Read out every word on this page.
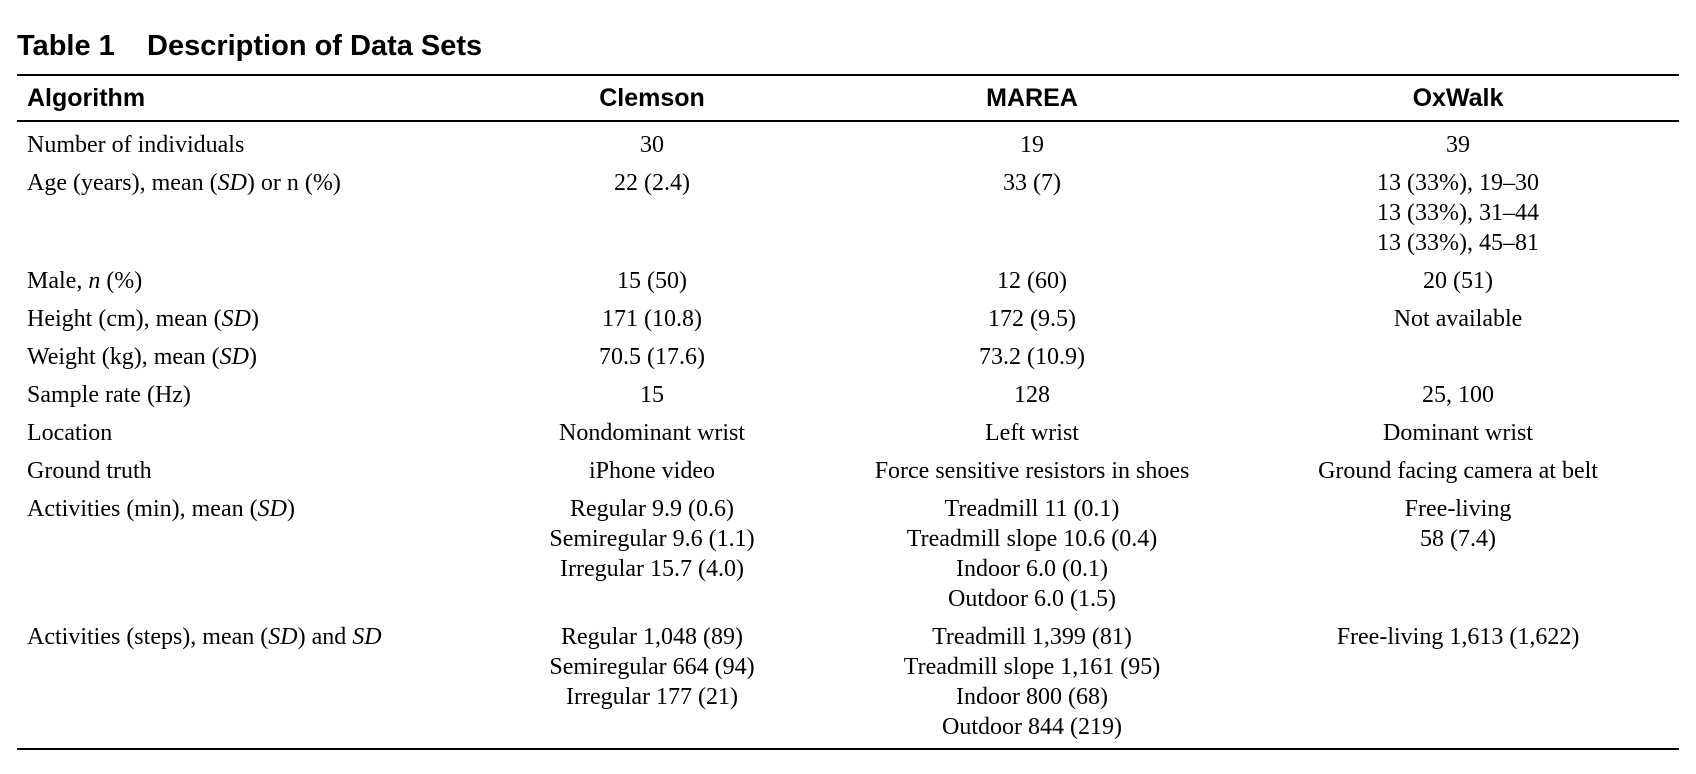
Table 1    Description of Data Sets
Algorithm	Clemson	MAREA	OxWalk
Number of individuals	30	19	39

Age (years), mean (SD) or n (%)	22 (2.4)	33 (7)	13 (33%), 19–30
13 (33%), 31–44
13 (33%), 45–81

Male, n (%)	15 (50)	12 (60)	20 (51)

Height (cm), mean (SD)	171 (10.8)	172 (9.5)	Not available

Weight (kg), mean (SD)	70.5 (17.6)	73.2 (10.9)	

Sample rate (Hz)	15	128	25, 100

Location	Nondominant wrist	Left wrist	Dominant wrist

Ground truth	iPhone video	Force sensitive resistors in shoes	Ground facing camera at belt

Activities (min), mean (SD)	Regular 9.9 (0.6)
Semiregular 9.6 (1.1)
Irregular 15.7 (4.0)	Treadmill 11 (0.1)
Treadmill slope 10.6 (0.4)
Indoor 6.0 (0.1)
Outdoor 6.0 (1.5)	Free-living
58 (7.4)

Activities (steps), mean (SD) and SD	Regular 1,048 (89)
Semiregular 664 (94)
Irregular 177 (21)	Treadmill 1,399 (81)
Treadmill slope 1,161 (95)
Indoor 800 (68)
Outdoor 844 (219)	Free-living 1,613 (1,622)
